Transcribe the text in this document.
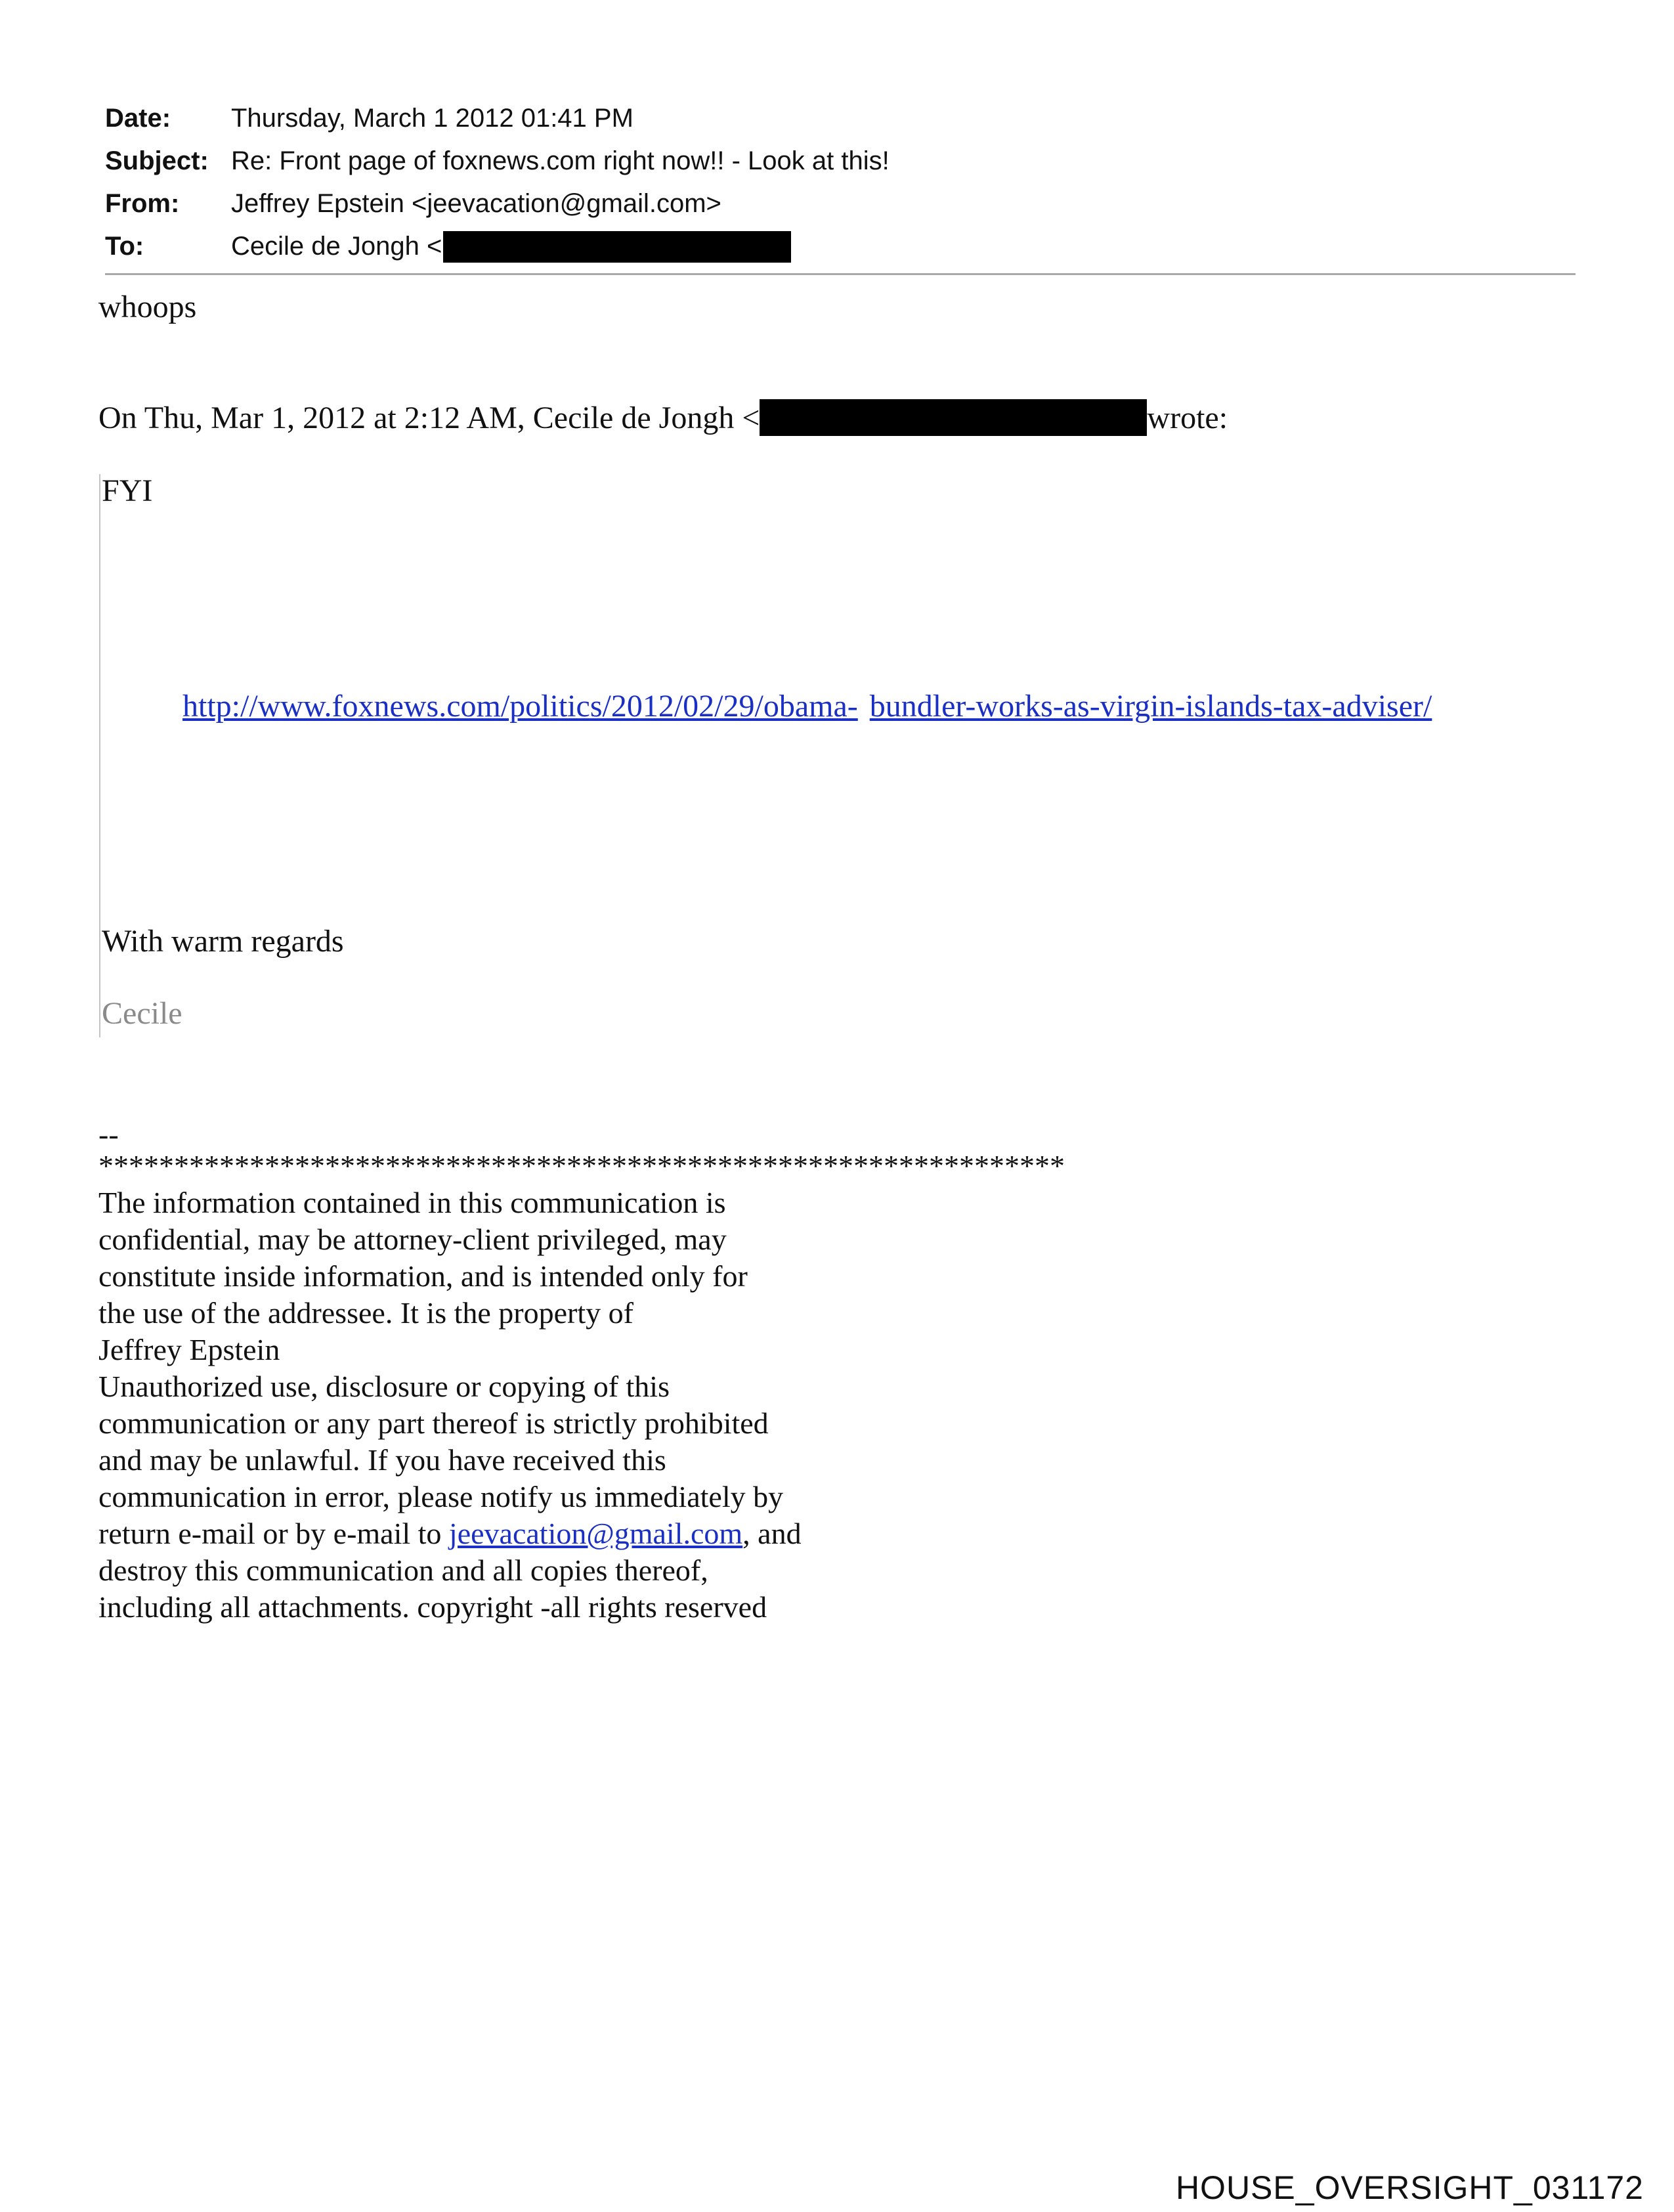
Date:	Thursday, March 1 2012 01:41 PM
Subject: Re: Front page of foxnews.com right now!! - Look at this!
From:	Jeffrey Epstein <jeevacation@gmail.com>
To:	Cecile de Jongh <
whoops
On Thu, Mar 1, 2012 at 2:12 AM, Cecile de Jongh <	wrote:
FYI
http://www.foxnews.com/politics/2012/02/29/obama- bundler-works-as-virgin-islands-tax-adviser/
With warm regards
Cecile
--
****************************************************************
The information contained in this communication is
confidential, may be attorney-client privileged, may
constitute inside information, and is intended only for
the use of the addressee. It is the property of
Jeffrey Epstein
Unauthorized use, disclosure or copying of this
communication or any part thereof is strictly prohibited
and may be unlawful. If you have received this
communication in error, please notify us immediately by
return e-mail or by e-mail to jeevacation@gmail.com, and
destroy this communication and all copies thereof,
including all attachments. copyright -all rights reserved
HOUSE_OVERSIGHT_031172
